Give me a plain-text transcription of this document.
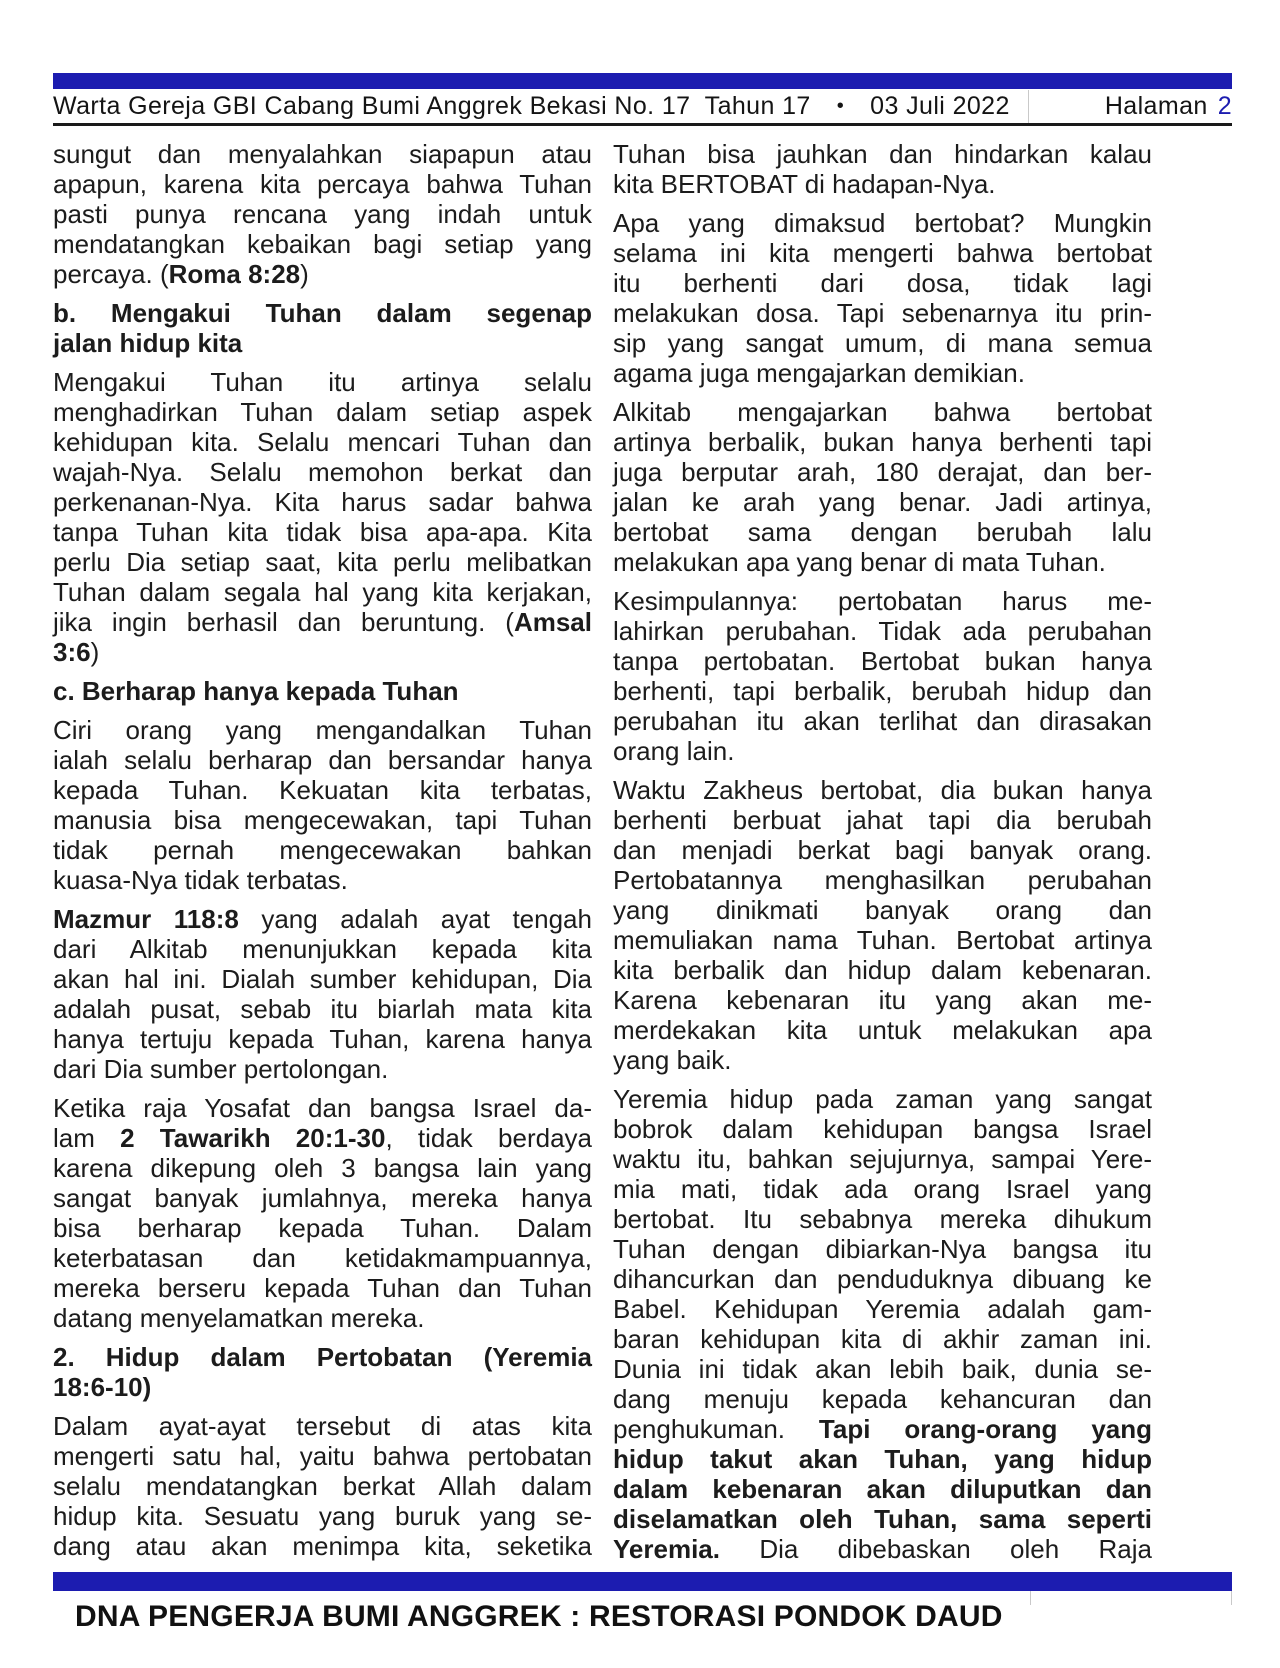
Warta Gereja GBI Cabang Bumi Anggrek Bekasi No. 17  Tahun 17 • 03 Juli 2022	Halaman 2
sungut dan menyalahkan siapapun atau
apapun, karena kita percaya bahwa Tuhan
pasti punya rencana yang indah untuk
mendatangkan kebaikan bagi setiap yang
percaya. (Roma 8:28)
b. Mengakui Tuhan dalam segenap
jalan hidup kita
Mengakui Tuhan itu artinya selalu
menghadirkan Tuhan dalam setiap aspek
kehidupan kita. Selalu mencari Tuhan dan
wajah-Nya. Selalu memohon berkat dan
perkenanan-Nya. Kita harus sadar bahwa
tanpa Tuhan kita tidak bisa apa-apa. Kita
perlu Dia setiap saat, kita perlu melibatkan
Tuhan dalam segala hal yang kita kerjakan,
jika ingin berhasil dan beruntung. (Amsal
3:6)
c. Berharap hanya kepada Tuhan
Ciri orang yang mengandalkan Tuhan
ialah selalu berharap dan bersandar hanya
kepada Tuhan. Kekuatan kita terbatas,
manusia bisa mengecewakan, tapi Tuhan
tidak pernah mengecewakan bahkan
kuasa-Nya tidak terbatas.
Mazmur 118:8 yang adalah ayat tengah
dari Alkitab menunjukkan kepada kita
akan hal ini. Dialah sumber kehidupan, Dia
adalah pusat, sebab itu biarlah mata kita
hanya tertuju kepada Tuhan, karena hanya
dari Dia sumber pertolongan.
Ketika raja Yosafat dan bangsa Israel da-
lam 2 Tawarikh 20:1-30, tidak berdaya
karena dikepung oleh 3 bangsa lain yang
sangat banyak jumlahnya, mereka hanya
bisa berharap kepada Tuhan. Dalam
keterbatasan dan ketidakmampuannya,
mereka berseru kepada Tuhan dan Tuhan
datang menyelamatkan mereka.
2. Hidup dalam Pertobatan (Yeremia
18:6-10)
Dalam ayat-ayat tersebut di atas kita
mengerti satu hal, yaitu bahwa pertobatan
selalu mendatangkan berkat Allah dalam
hidup kita. Sesuatu yang buruk yang se-
dang atau akan menimpa kita, seketika
Tuhan bisa jauhkan dan hindarkan kalau
kita BERTOBAT di hadapan-Nya.
Apa yang dimaksud bertobat? Mungkin
selama ini kita mengerti bahwa bertobat
itu berhenti dari dosa, tidak lagi
melakukan dosa. Tapi sebenarnya itu prin-
sip yang sangat umum, di mana semua
agama juga mengajarkan demikian.
Alkitab mengajarkan bahwa bertobat
artinya berbalik, bukan hanya berhenti tapi
juga berputar arah, 180 derajat, dan ber-
jalan ke arah yang benar. Jadi artinya,
bertobat sama dengan berubah lalu
melakukan apa yang benar di mata Tuhan.
Kesimpulannya: pertobatan harus me-
lahirkan perubahan. Tidak ada perubahan
tanpa pertobatan. Bertobat bukan hanya
berhenti, tapi berbalik, berubah hidup dan
perubahan itu akan terlihat dan dirasakan
orang lain.
Waktu Zakheus bertobat, dia bukan hanya
berhenti berbuat jahat tapi dia berubah
dan menjadi berkat bagi banyak orang.
Pertobatannya menghasilkan perubahan
yang dinikmati banyak orang dan
memuliakan nama Tuhan. Bertobat artinya
kita berbalik dan hidup dalam kebenaran.
Karena kebenaran itu yang akan me-
merdekakan kita untuk melakukan apa
yang baik.
Yeremia hidup pada zaman yang sangat
bobrok dalam kehidupan bangsa Israel
waktu itu, bahkan sejujurnya, sampai Yere-
mia mati, tidak ada orang Israel yang
bertobat. Itu sebabnya mereka dihukum
Tuhan dengan dibiarkan-Nya bangsa itu
dihancurkan dan penduduknya dibuang ke
Babel. Kehidupan Yeremia adalah gam-
baran kehidupan kita di akhir zaman ini.
Dunia ini tidak akan lebih baik, dunia se-
dang menuju kepada kehancuran dan
penghukuman. Tapi orang-orang yang
hidup takut akan Tuhan, yang hidup
dalam kebenaran akan diluputkan dan
diselamatkan oleh Tuhan, sama seperti
Yeremia. Dia dibebaskan oleh Raja
DNA PENGERJA BUMI ANGGREK : RESTORASI PONDOK DAUD
